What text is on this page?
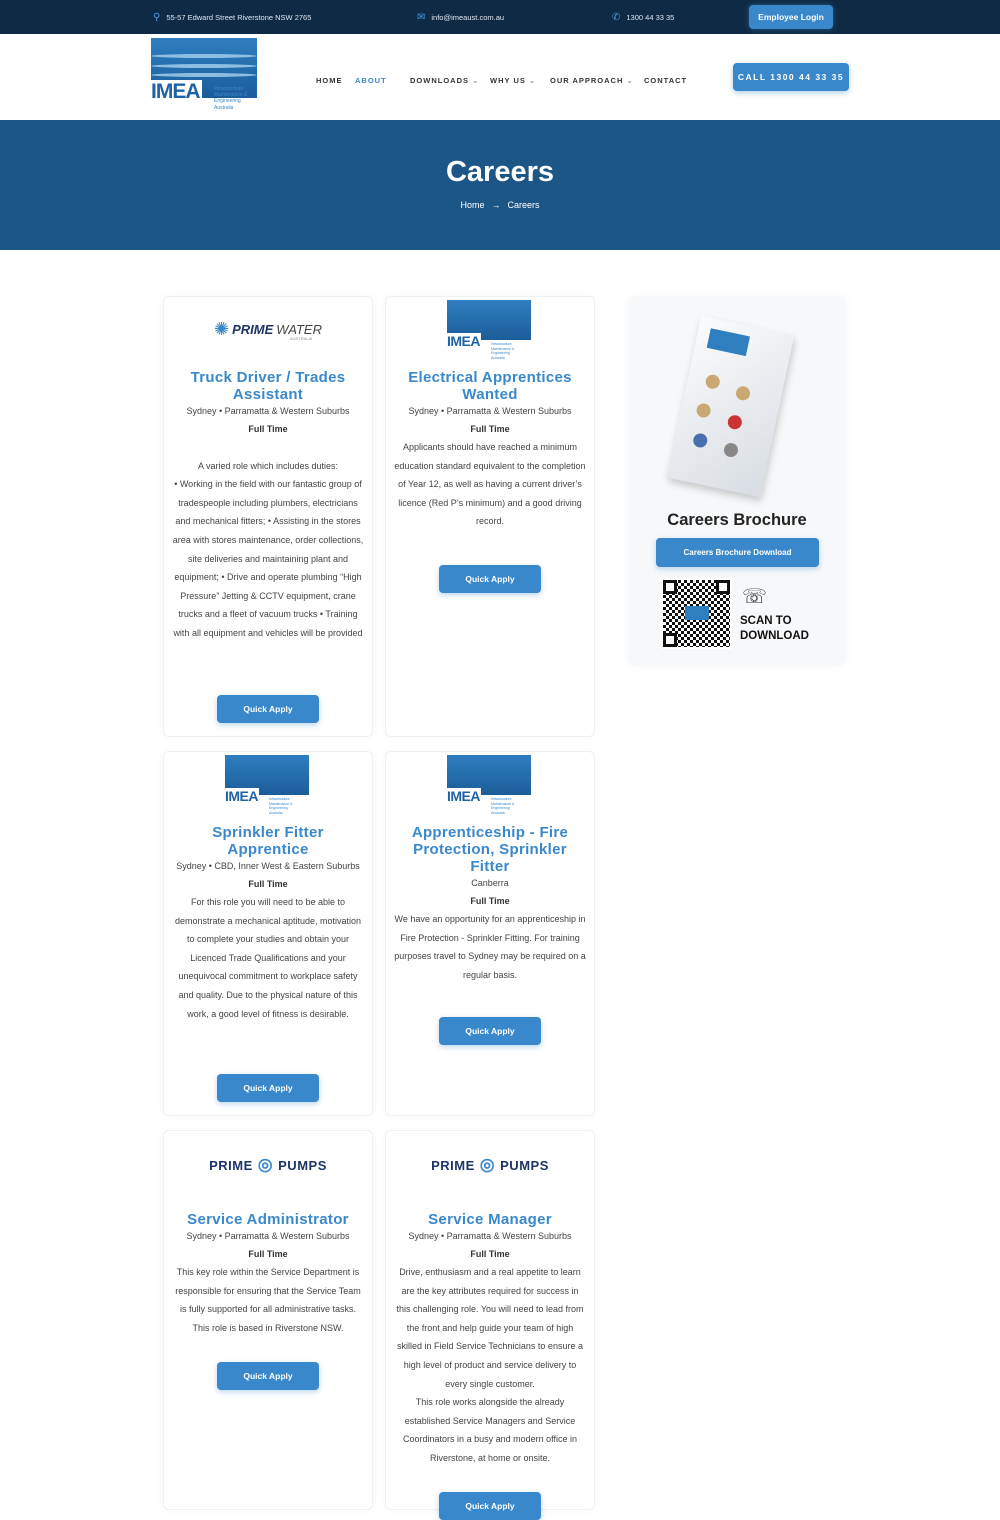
⚲ 55-57 Edward Street Riverstone NSW 2765	✉ info@imeaust.com.au	✆ 1300 44 33 35	Employee Login
IMEA	Infrastructure Maintenance & Engineering Australia
HOME ABOUT	DOWNLOADS ⌄ WHY US ⌄ OUR APPROACH ⌄ CONTACT	CALL 1300 44 33 35
Careers
Home → Careers
✺ PRIME WATER
AUSTRALIA
Truck Driver / Trades Assistant
Sydney • Parramatta & Western Suburbs
Full Time

A varied role which includes duties:
• Working in the field with our fantastic group of tradespeople including plumbers, electricians and mechanical fitters; • Assisting in the stores area with stores maintenance, order collections, site deliveries and maintaining plant and equipment; • Drive and operate plumbing “High Pressure” Jetting & CCTV equipment, crane trucks and a fleet of vacuum trucks • Training with all equipment and vehicles will be provided
Quick Apply
IMEA	Infrastructure
Maintenance &
Engineering
Australia
Electrical Apprentices Wanted
Sydney • Parramatta & Western Suburbs
Full Time
Applicants should have reached a minimum education standard equivalent to the completion of Year 12, as well as having a current driver’s licence (Red P’s minimum) and a good driving record.
Quick Apply
IMEA	Infrastructure
Maintenance &
Engineering
Australia
Sprinkler Fitter Apprentice
Sydney • CBD, Inner West & Eastern Suburbs
Full Time
For this role you will need to be able to demonstrate a mechanical aptitude, motivation to complete your studies and obtain your Licenced Trade Qualifications and your unequivocal commitment to workplace safety and quality. Due to the physical nature of this work, a good level of fitness is desirable.
Quick Apply
IMEA	Infrastructure
Maintenance &
Engineering
Australia
Apprenticeship - Fire Protection, Sprinkler Fitter
Canberra
Full Time
We have an opportunity for an apprenticeship in Fire Protection - Sprinkler Fitting. For training purposes travel to Sydney may be required on a regular basis.
Quick Apply
PRIME ◎ PUMPS
Service Administrator
Sydney • Parramatta & Western Suburbs
Full Time
This key role within the Service Department is responsible for ensuring that the Service Team is fully supported for all administrative tasks. This role is based in Riverstone NSW.
Quick Apply
PRIME ◎ PUMPS
Service Manager
Sydney • Parramatta & Western Suburbs
Full Time
Drive, enthusiasm and a real appetite to learn are the key attributes required for success in this challenging role. You will need to lead from the front and help guide your team of high skilled in Field Service Technicians to ensure a high level of product and service delivery to every single customer.
This role works alongside the already established Service Managers and Service Coordinators in a busy and modern office in Riverstone, at home or onsite.
Quick Apply
Careers Brochure
Careers Brochure Download
☏
SCAN TO DOWNLOAD
